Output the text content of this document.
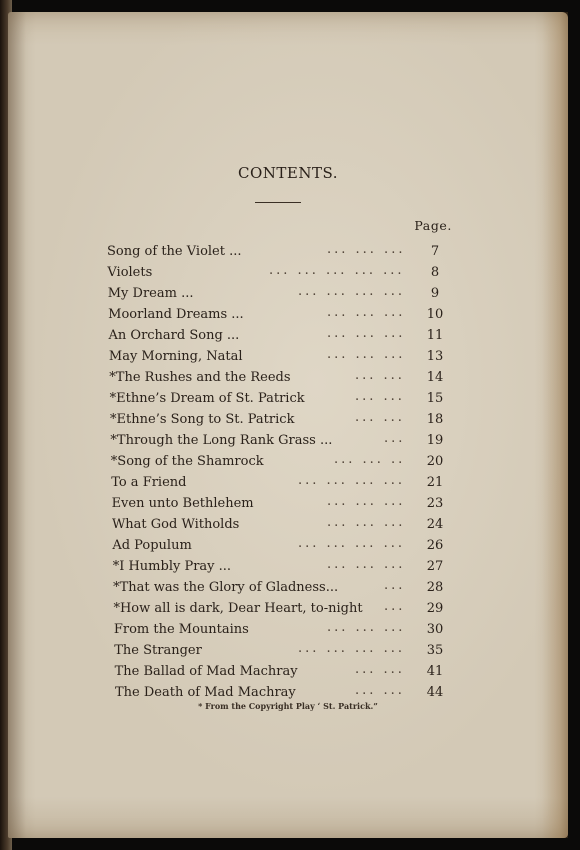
CONTENTS.
Page.
Song of the Violet ...	... ... ...	7
Violets	... ... ... ... ...	8
My Dream ...	... ... ... ...	9
Moorland Dreams ...	... ... ...	10
An Orchard Song ...	... ... ...	11
May Morning, Natal	... ... ...	13
*The Rushes and the Reeds	... ...	14
*Ethne’s Dream of St. Patrick	... ...	15
*Ethne’s Song to St. Patrick	... ...	18
*Through the Long Rank Grass ...	...	19
*Song of the Shamrock	... ... ..	20
To a Friend	... ... ... ...	21
Even unto Bethlehem	... ... ...	23
What God Witholds	... ... ...	24
Ad Populum	... ... ... ...	26
*I Humbly Pray ...	... ... ...	27
*That was the Glory of Gladness...	...	28
*How all is dark, Dear Heart, to-night ...	29
From the Mountains	... ... ...	30
The Stranger	... ... ... ...	35
The Ballad of Mad Machray	... ...	41
The Death of Mad Machray	... ...	44
* From the Copyright Play ‘ St. Patrick.”
